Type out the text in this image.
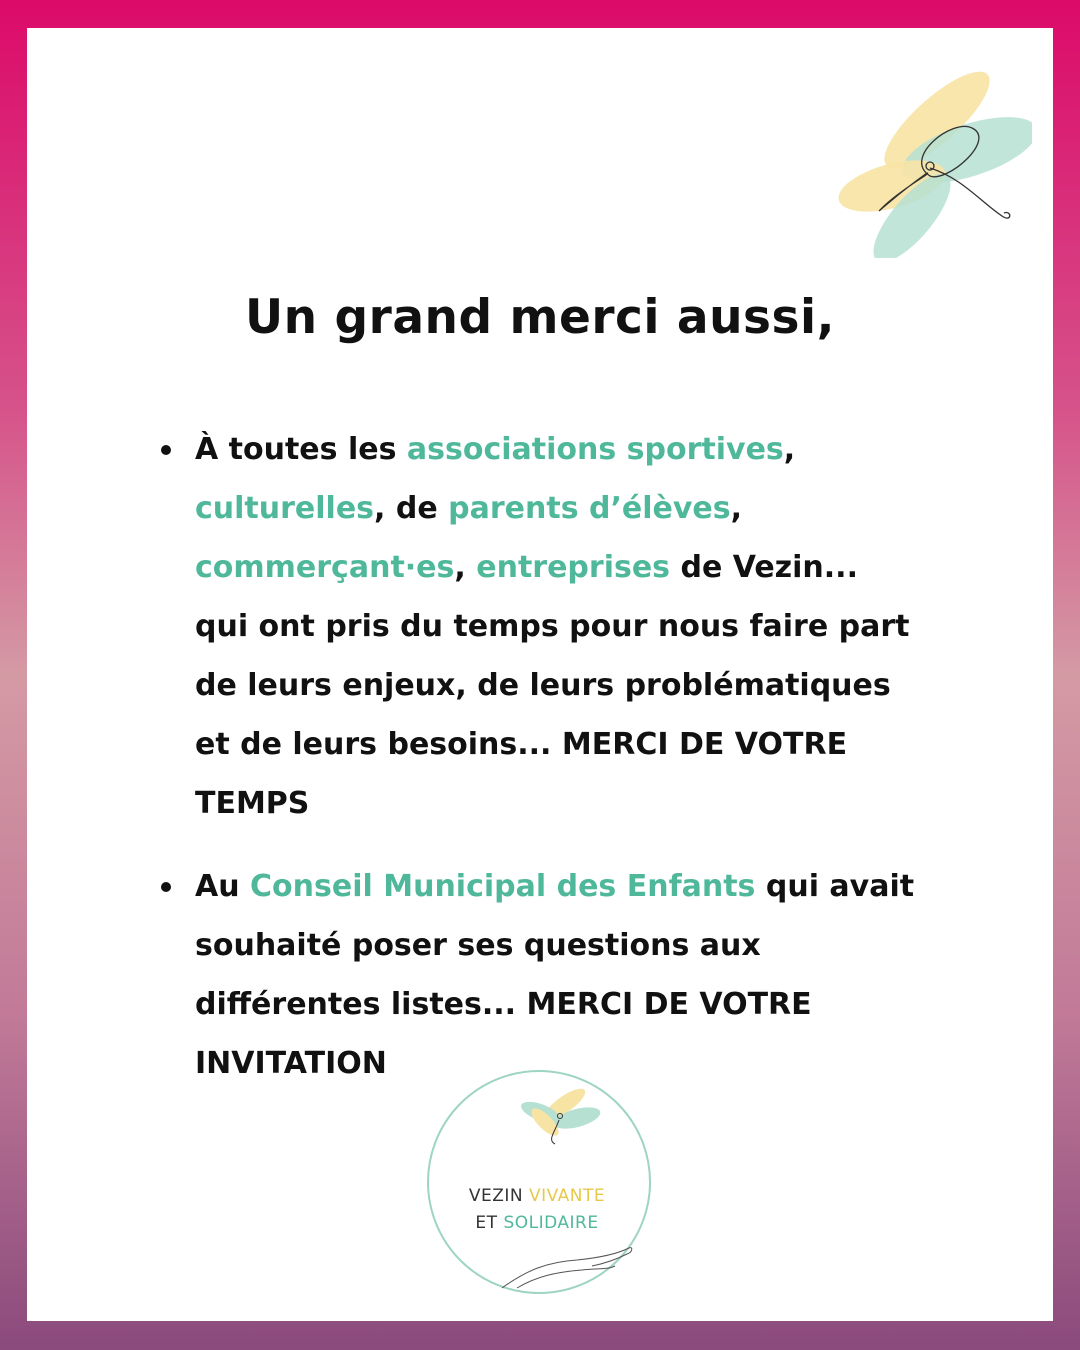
Un grand merci aussi,
À toutes les associations sportives,
culturelles, de parents d’élèves,
commerçant·es, entreprises de Vezin... qui ont pris du temps pour nous faire part de leurs enjeux, de leurs problématiques et de leurs besoins... MERCI DE VOTRE TEMPS
Au Conseil Municipal des Enfants qui avait souhaité poser ses questions aux différentes listes... MERCI DE VOTRE INVITATION
VEZIN VIVANTE
ET SOLIDAIRE
